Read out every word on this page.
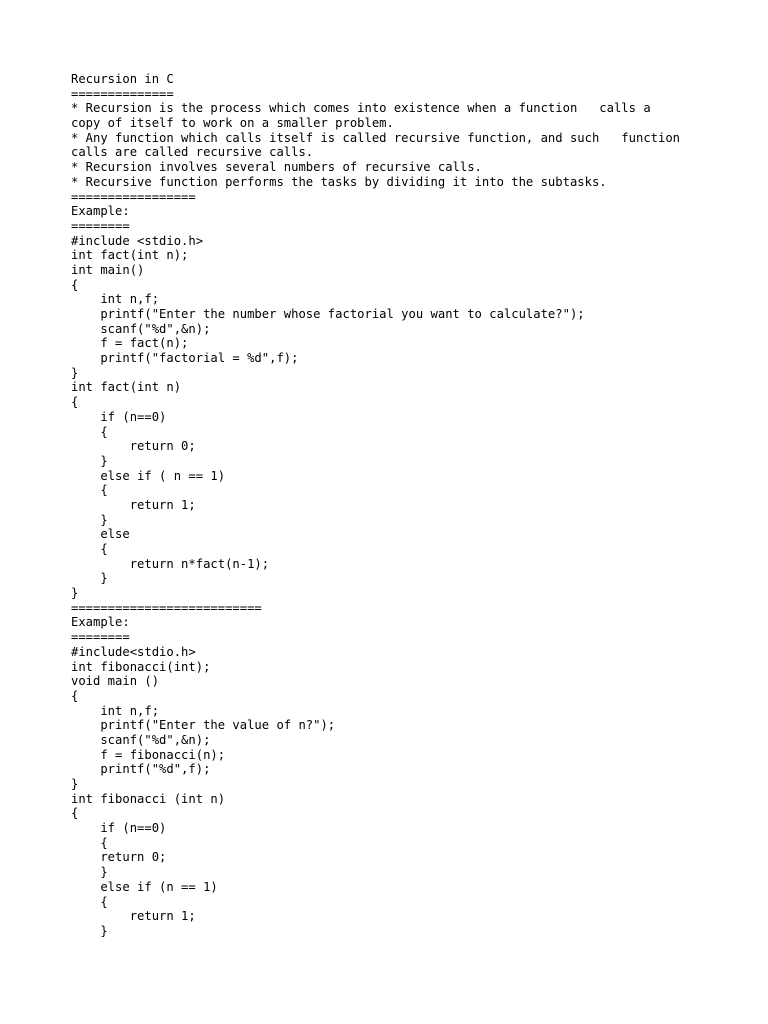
Recursion in C
==============
* Recursion is the process which comes into existence when a function   calls a
copy of itself to work on a smaller problem.
* Any function which calls itself is called recursive function, and such   function
calls are called recursive calls.
* Recursion involves several numbers of recursive calls.
* Recursive function performs the tasks by dividing it into the subtasks.
=================
Example:
========
#include <stdio.h>
int fact(int n);
int main()
{
int n,f;
printf("Enter the number whose factorial you want to calculate?");
scanf("%d",&n);
f = fact(n);
printf("factorial = %d",f);
}
int fact(int n)
{
if (n==0)
{
return 0;
}
else if ( n == 1)
{
return 1;
}
else
{
return n*fact(n-1);
}
}
==========================
Example:
========
#include<stdio.h>
int fibonacci(int);
void main ()
{
int n,f;
printf("Enter the value of n?");
scanf("%d",&n);
f = fibonacci(n);
printf("%d",f);
}
int fibonacci (int n)
{
if (n==0)
{
return 0;
}
else if (n == 1)
{
return 1;
}
